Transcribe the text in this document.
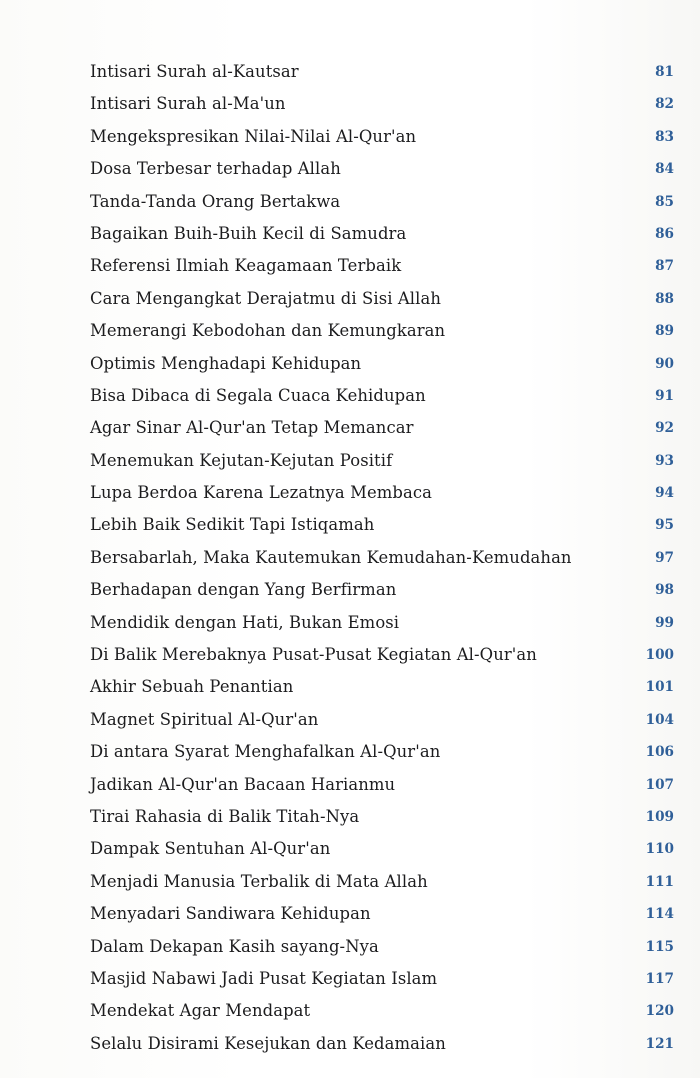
Intisari Surah al-Kautsar	81
Intisari Surah al-Ma'un	82
Mengekspresikan Nilai-Nilai Al-Qur'an	83
Dosa Terbesar terhadap Allah	84
Tanda-Tanda Orang Bertakwa	85
Bagaikan Buih-Buih Kecil di Samudra	86
Referensi Ilmiah Keagamaan Terbaik	87
Cara Mengangkat Derajatmu di Sisi Allah	88
Memerangi Kebodohan dan Kemungkaran	89
Optimis Menghadapi Kehidupan	90
Bisa Dibaca di Segala Cuaca Kehidupan	91
Agar Sinar Al-Qur'an Tetap Memancar	92
Menemukan Kejutan-Kejutan Positif	93
Lupa Berdoa Karena Lezatnya Membaca	94
Lebih Baik Sedikit Tapi Istiqamah	95
Bersabarlah, Maka Kautemukan Kemudahan-Kemudahan	97
Berhadapan dengan Yang Berfirman	98
Mendidik dengan Hati, Bukan Emosi	99
Di Balik Merebaknya Pusat-Pusat Kegiatan Al-Qur'an	100
Akhir Sebuah Penantian	101
Magnet Spiritual Al-Qur'an	104
Di antara Syarat Menghafalkan Al-Qur'an	106
Jadikan Al-Qur'an Bacaan Harianmu	107
Tirai Rahasia di Balik Titah-Nya	109
Dampak Sentuhan Al-Qur'an	110
Menjadi Manusia Terbalik di Mata Allah	111
Menyadari Sandiwara Kehidupan	114
Dalam Dekapan Kasih sayang-Nya	115
Masjid Nabawi Jadi Pusat Kegiatan Islam	117
Mendekat Agar Mendapat	120
Selalu Disirami Kesejukan dan Kedamaian	121
